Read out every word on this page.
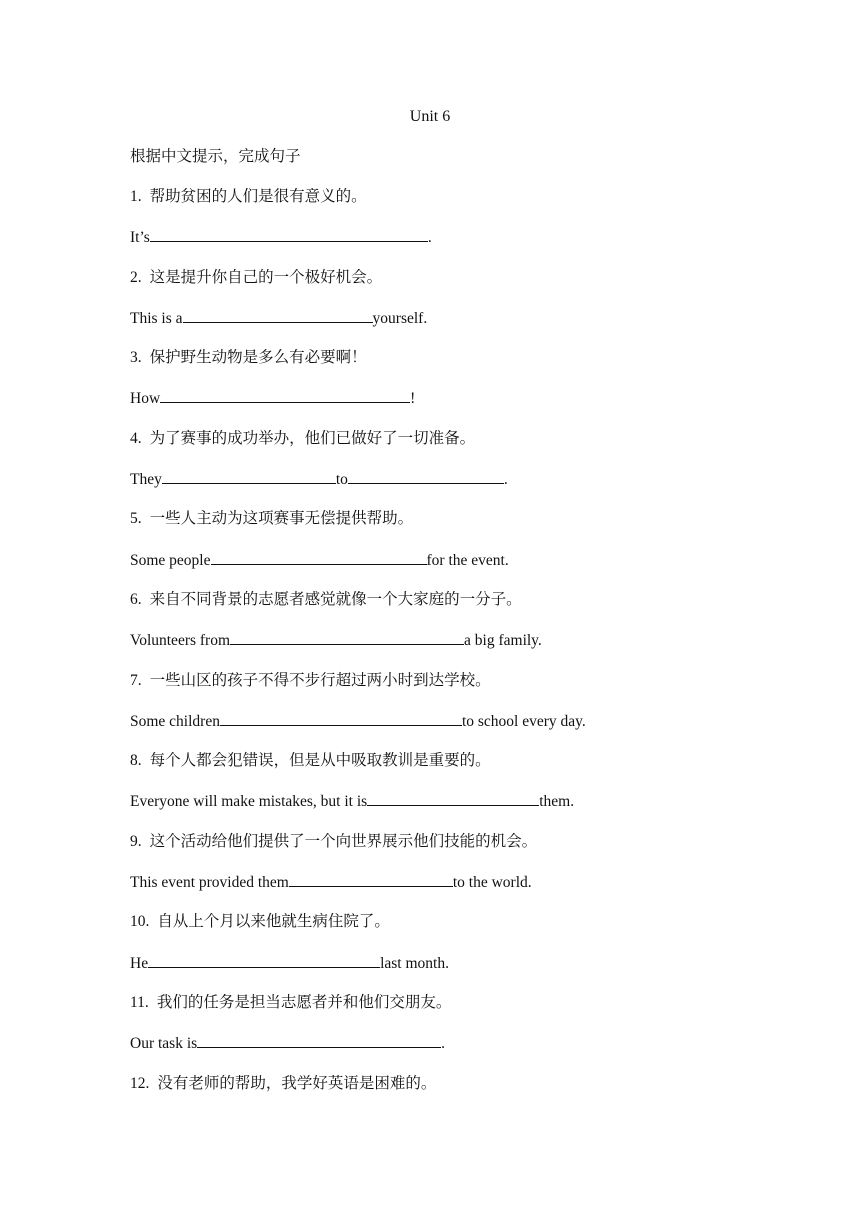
Unit 6
根据中文提示，完成句子
1. 帮助贫困的人们是很有意义的。
It’s	.
2. 这是提升你自己的一个极好机会。
This is a	yourself.
3. 保护野生动物是多么有必要啊！
How	!
4. 为了赛事的成功举办，他们已做好了一切准备。
They	to	.
5. 一些人主动为这项赛事无偿提供帮助。
Some people	for the event.
6. 来自不同背景的志愿者感觉就像一个大家庭的一分子。
Volunteers from	a big family.
7. 一些山区的孩子不得不步行超过两小时到达学校。
Some children	to school every day.
8. 每个人都会犯错误，但是从中吸取教训是重要的。
Everyone will make mistakes, but it is	them.
9. 这个活动给他们提供了一个向世界展示他们技能的机会。
This event provided them	to the world.
10. 自从上个月以来他就生病住院了。
He	last month.
11. 我们的任务是担当志愿者并和他们交朋友。
Our task is	.
12. 没有老师的帮助，我学好英语是困难的。
